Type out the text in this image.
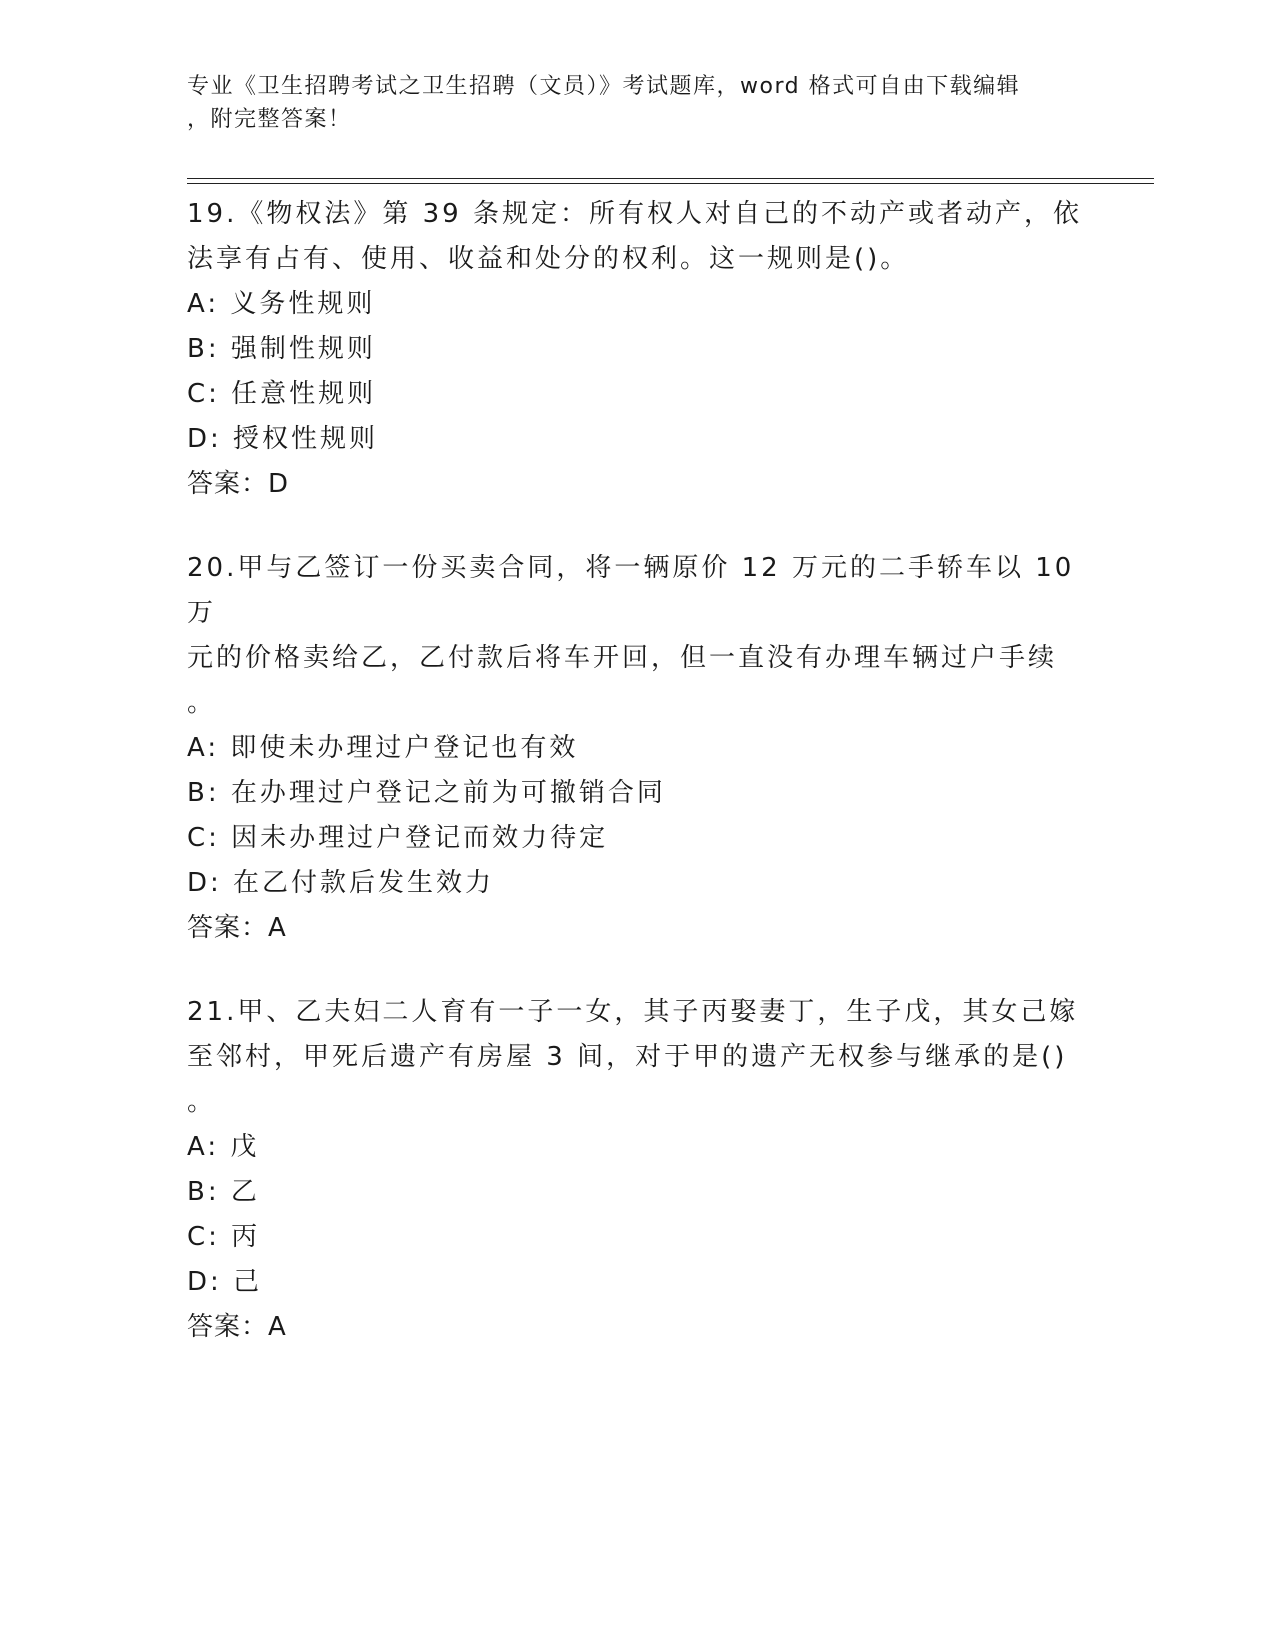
专业《卫生招聘考试之卫生招聘（文员）》考试题库，word 格式可自由下载编辑
，附完整答案！
19.《物权法》第 39 条规定：所有权人对自己的不动产或者动产，依
法享有占有、使用、收益和处分的权利。这一规则是()。
A: 义务性规则
B: 强制性规则
C: 任意性规则
D: 授权性规则
答案：D
20.甲与乙签订一份买卖合同，将一辆原价 12 万元的二手轿车以 10 万
元的价格卖给乙，乙付款后将车开回，但一直没有办理车辆过户手续
。
A: 即使未办理过户登记也有效
B: 在办理过户登记之前为可撤销合同
C: 因未办理过户登记而效力待定
D: 在乙付款后发生效力
答案：A
21.甲、乙夫妇二人育有一子一女，其子丙娶妻丁，生子戊，其女己嫁
至邻村，甲死后遗产有房屋 3 间，对于甲的遗产无权参与继承的是()
。
A: 戊
B: 乙
C: 丙
D: 己
答案：A
